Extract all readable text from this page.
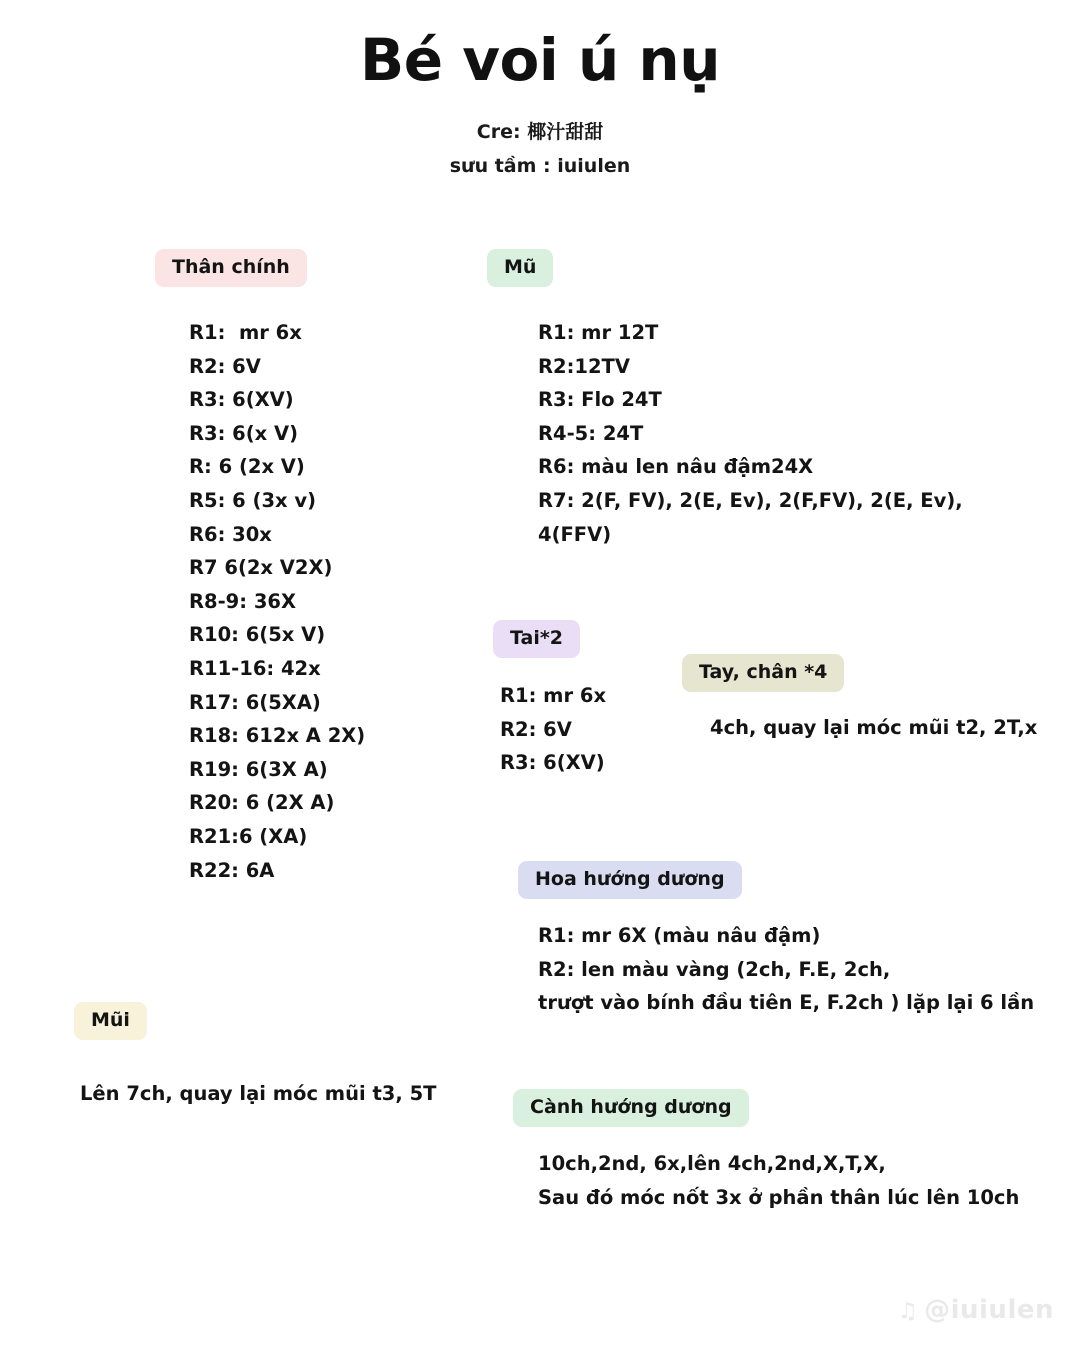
Bé voi ú nụ
Cre: 椰汁甜甜
sưu tầm : iuiulen
Thân chính
R1:  mr 6x
R2: 6V
R3: 6(XV)
R3: 6(x V)
R: 6 (2x V)
R5: 6 (3x v)
R6: 30x
R7 6(2x V2X)
R8-9: 36X
R10: 6(5x V)
R11-16: 42x
R17: 6(5XA)
R18: 612x A 2X)
R19: 6(3X A)
R20: 6 (2X A)
R21:6 (XA)
R22: 6A
Mũ
R1: mr 12T
R2:12TV
R3: Flo 24T
R4-5: 24T
R6: màu len nâu đậm24X
R7: 2(F, FV), 2(E, Ev), 2(F,FV), 2(E, Ev),
4(FFV)
Tai*2
R1: mr 6x
R2: 6V
R3: 6(XV)
Tay, chân *4
4ch, quay lại móc mũi t2, 2T,x
Hoa hướng dương
R1: mr 6X (màu nâu đậm)
R2: len màu vàng (2ch, F.E, 2ch,
trượt vào bính đầu tiên E, F.2ch ) lặp lại 6 lần
Mũi
Lên 7ch, quay lại móc mũi t3, 5T
Cành hướng dương
10ch,2nd, 6x,lên 4ch,2nd,X,T,X,
Sau đó móc nốt 3x ở phần thân lúc lên 10ch
♫ @iuiulen
